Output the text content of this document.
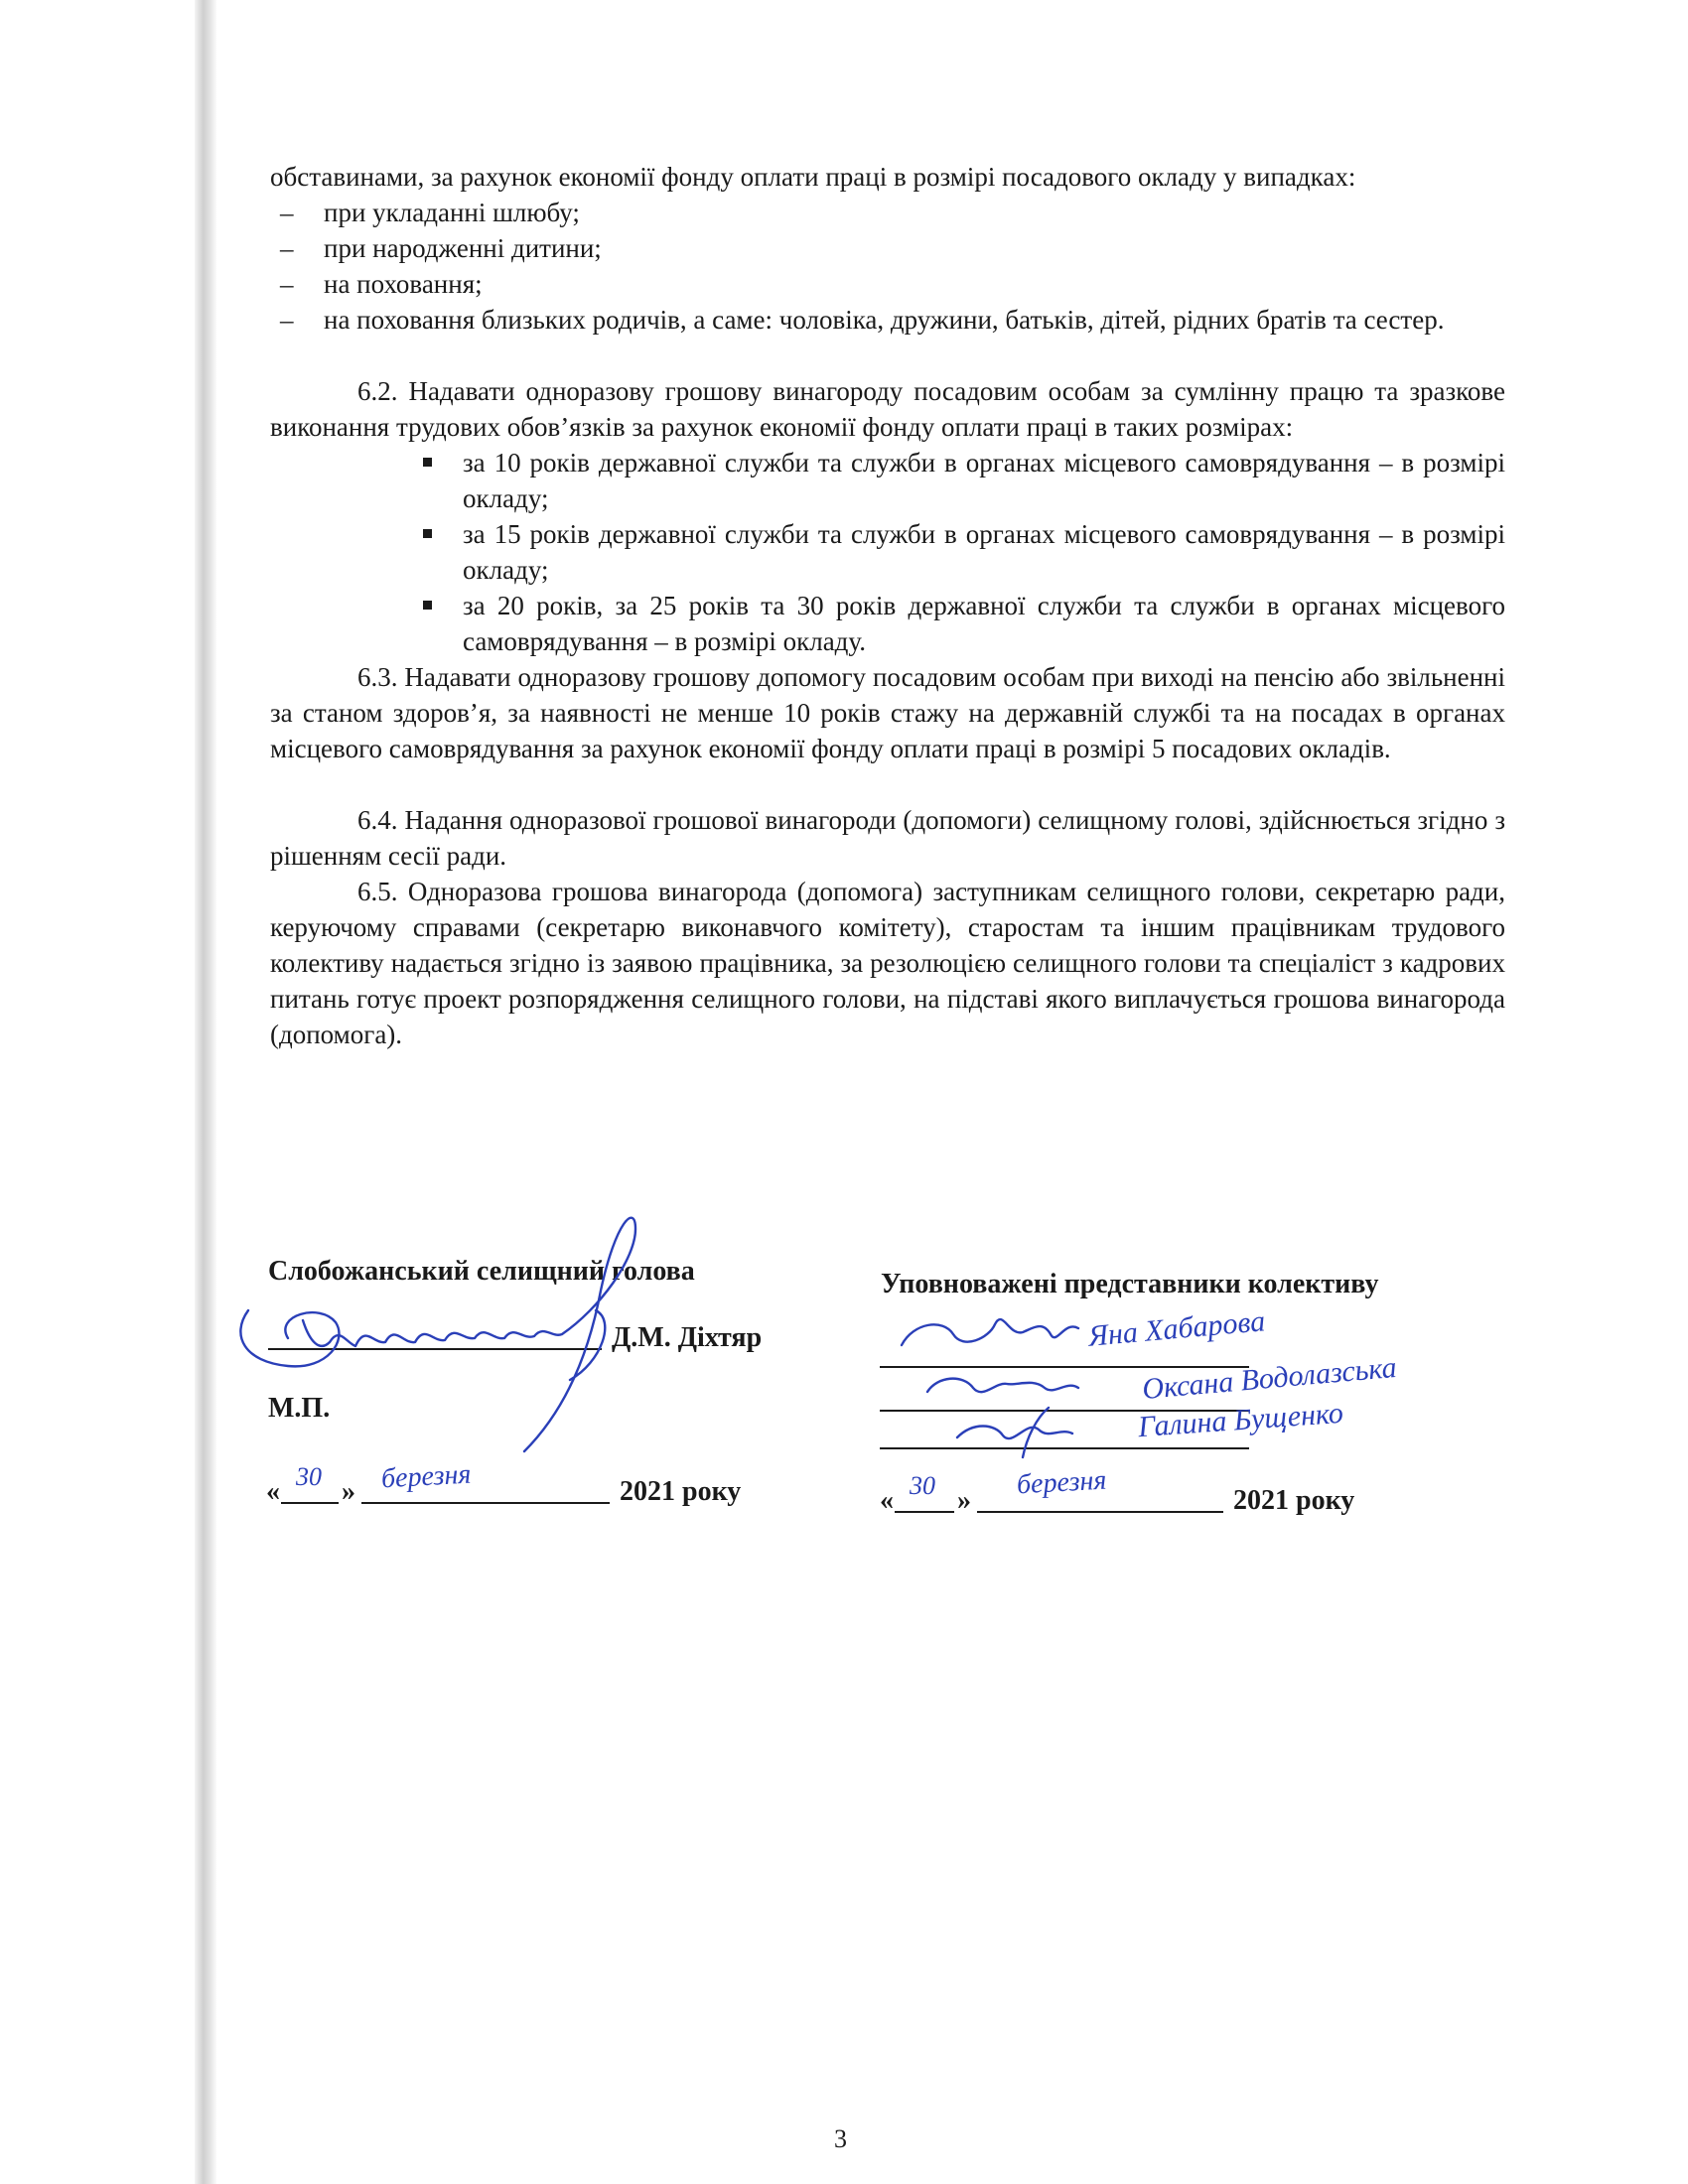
обставинами, за рахунок економії фонду оплати праці в розмірі посадового окладу у випадках:
– при укладанні шлюбу;
– при народженні дитини;
– на поховання;
– на поховання близьких родичів, а саме: чоловіка, дружини, батьків, дітей, рідних братів та сестер.
6.2. Надавати одноразову грошову винагороду посадовим особам за сумлінну працю та зразкове виконання трудових обов’язків за рахунок економії фонду оплати праці в таких розмірах:
за 10 років державної служби та служби в органах місцевого самоврядування – в розмірі окладу;
за 15 років державної служби та служби в органах місцевого самоврядування – в розмірі окладу;
за 20 років, за 25 років та 30 років державної служби та служби в органах місцевого самоврядування – в розмірі окладу.
6.3. Надавати одноразову грошову допомогу посадовим особам при виході на пенсію або звільненні за станом здоров’я, за наявності не менше 10 років стажу на державній службі та на посадах в органах місцевого самоврядування за рахунок економії фонду оплати праці в розмірі 5 посадових окладів.
6.4. Надання одноразової грошової винагороди (допомоги) селищному голові, здійснюється згідно з рішенням сесії ради.
6.5. Одноразова грошова винагорода (допомога) заступникам селищного голови, секретарю ради, керуючому справами (секретарю виконавчого комітету), старостам та іншим працівникам трудового колективу надається згідно із заявою працівника, за резолюцією селищного голови та спеціаліст з кадрових питань готує проект розпорядження селищного голови, на підставі якого виплачується грошова винагорода (допомога).
Слобожанський селищний голова
Д.М. Діхтяр
М.П.
« 30 » березня	2021 року
Уповноважені представники колективу
Яна Хабарова
Оксана Водолазська
Галина Бущенко
« 30 »
березня
2021 року
3
